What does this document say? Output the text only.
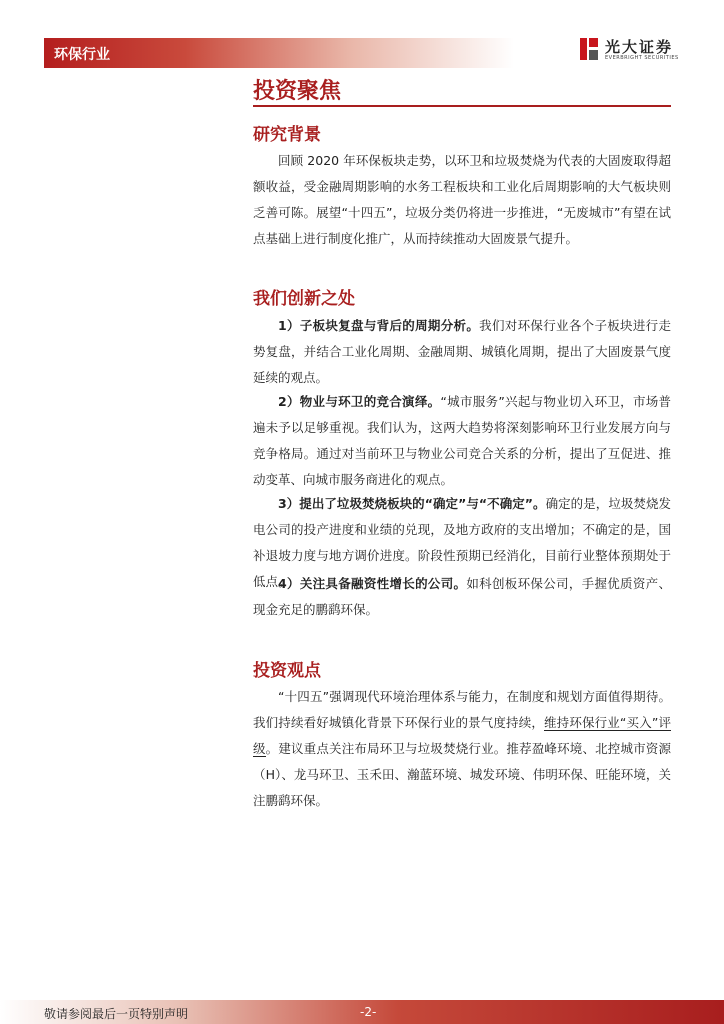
环保行业	光大证券
EVERBRIGHT SECURITIES
投资聚焦
研究背景

回顾 2020 年环保板块走势，以环卫和垃圾焚烧为代表的大固废取得超额收益，受金融周期影响的水务工程板块和工业化后周期影响的大气板块则乏善可陈。展望“十四五”，垃圾分类仍将进一步推进，“无废城市”有望在试点基础上进行制度化推广，从而持续推动大固废景气提升。

我们创新之处

1）子板块复盘与背后的周期分析。我们对环保行业各个子板块进行走势复盘，并结合工业化周期、金融周期、城镇化周期，提出了大固废景气度延续的观点。

2）物业与环卫的竞合演绎。“城市服务”兴起与物业切入环卫，市场普遍未予以足够重视。我们认为，这两大趋势将深刻影响环卫行业发展方向与竞争格局。通过对当前环卫与物业公司竞合关系的分析，提出了互促进、推动变革、向城市服务商进化的观点。

3）提出了垃圾焚烧板块的“确定”与“不确定”。确定的是，垃圾焚烧发电公司的投产进度和业绩的兑现，及地方政府的支出增加；不确定的是，国补退坡力度与地方调价进度。阶段性预期已经消化，目前行业整体预期处于低点。

4）关注具备融资性增长的公司。如科创板环保公司，手握优质资产、现金充足的鹏鹞环保。

投资观点

“十四五”强调现代环境治理体系与能力，在制度和规划方面值得期待。我们持续看好城镇化背景下环保行业的景气度持续，维持环保行业“买入”评级。建议重点关注布局环卫与垃圾焚烧行业。推荐盈峰环境、北控城市资源（H）、龙马环卫、玉禾田、瀚蓝环境、城发环境、伟明环保、旺能环境，关注鹏鹞环保。

敬请参阅最后一页特别声明	-2-
